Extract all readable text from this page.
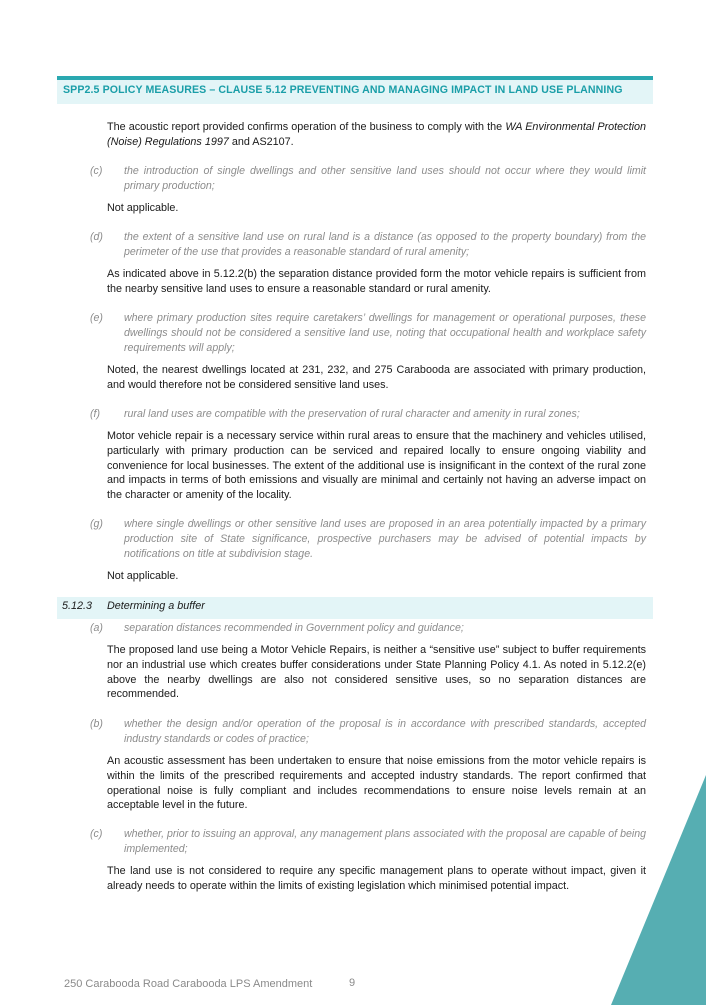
SPP2.5 POLICY MEASURES – CLAUSE 5.12 PREVENTING AND MANAGING IMPACT IN LAND USE PLANNING
The acoustic report provided confirms operation of the business to comply with the WA Environmental Protection (Noise) Regulations 1997 and AS2107.
(c) the introduction of single dwellings and other sensitive land uses should not occur where they would limit primary production;
Not applicable.
(d) the extent of a sensitive land use on rural land is a distance (as opposed to the property boundary) from the perimeter of the use that provides a reasonable standard of rural amenity;
As indicated above in 5.12.2(b) the separation distance provided form the motor vehicle repairs is sufficient from the nearby sensitive land uses to ensure a reasonable standard or rural amenity.
(e) where primary production sites require caretakers’ dwellings for management or operational purposes, these dwellings should not be considered a sensitive land use, noting that occupational health and workplace safety requirements will apply;
Noted, the nearest dwellings located at 231, 232, and 275 Carabooda are associated with primary production, and would therefore not be considered sensitive land uses.
(f) rural land uses are compatible with the preservation of rural character and amenity in rural zones;
Motor vehicle repair is a necessary service within rural areas to ensure that the machinery and vehicles utilised, particularly with primary production can be serviced and repaired locally to ensure ongoing viability and convenience for local businesses. The extent of the additional use is insignificant in the context of the rural zone and impacts in terms of both emissions and visually are minimal and certainly not having an adverse impact on the character or amenity of the locality.
(g) where single dwellings or other sensitive land uses are proposed in an area potentially impacted by a primary production site of State significance, prospective purchasers may be advised of potential impacts by notifications on title at subdivision stage.
Not applicable.
5.12.3 Determining a buffer
(a) separation distances recommended in Government policy and guidance;
The proposed land use being a Motor Vehicle Repairs, is neither a “sensitive use” subject to buffer requirements nor an industrial use which creates buffer considerations under State Planning Policy 4.1. As noted in 5.12.2(e) above the nearby dwellings are also not considered sensitive uses, so no separation distances are recommended.
(b) whether the design and/or operation of the proposal is in accordance with prescribed standards, accepted industry standards or codes of practice;
An acoustic assessment has been undertaken to ensure that noise emissions from the motor vehicle repairs is within the limits of the prescribed requirements and accepted industry standards. The report confirmed that operational noise is fully compliant and includes recommendations to ensure noise levels remain at an acceptable level in the future.
(c) whether, prior to issuing an approval, any management plans associated with the proposal are capable of being implemented;
The land use is not considered to require any specific management plans to operate without impact, given it already needs to operate within the limits of existing legislation which minimised potential impact.
250 Carabooda Road Carabooda LPS Amendment	9
